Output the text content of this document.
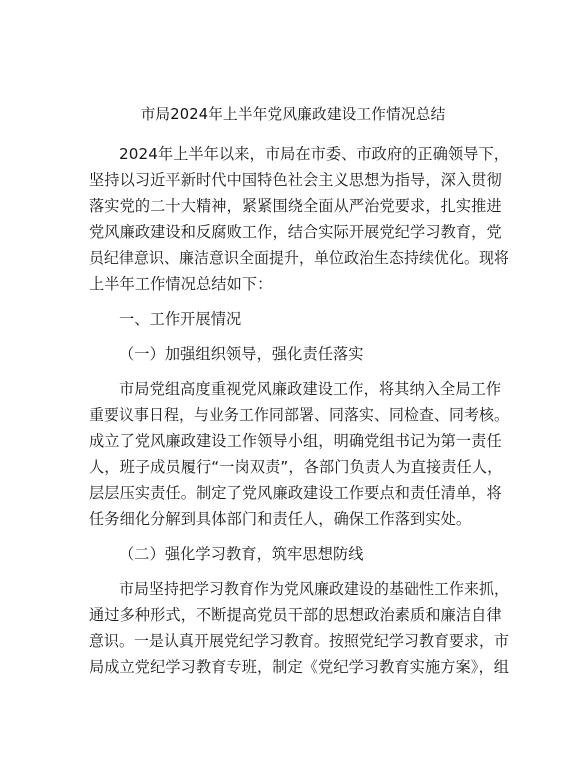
市局2024年上半年党风廉政建设工作情况总结
2024年上半年以来，市局在市委、市政府的正确领导下，
坚持以习近平新时代中国特色社会主义思想为指导，深入贯彻
落实党的二十大精神，紧紧围绕全面从严治党要求，扎实推进
党风廉政建设和反腐败工作，结合实际开展党纪学习教育，党
员纪律意识、廉洁意识全面提升，单位政治生态持续优化。现将
上半年工作情况总结如下：
一、工作开展情况
（一）加强组织领导，强化责任落实
市局党组高度重视党风廉政建设工作，将其纳入全局工作
重要议事日程，与业务工作同部署、同落实、同检查、同考核。
成立了党风廉政建设工作领导小组，明确党组书记为第一责任
人，班子成员履行“一岗双责”，各部门负责人为直接责任人，
层层压实责任。制定了党风廉政建设工作要点和责任清单，将
任务细化分解到具体部门和责任人，确保工作落到实处。
（二）强化学习教育，筑牢思想防线
市局坚持把学习教育作为党风廉政建设的基础性工作来抓，
通过多种形式，不断提高党员干部的思想政治素质和廉洁自律
意识。一是认真开展党纪学习教育。按照党纪学习教育要求，市
局成立党纪学习教育专班，制定《党纪学习教育实施方案》，组
